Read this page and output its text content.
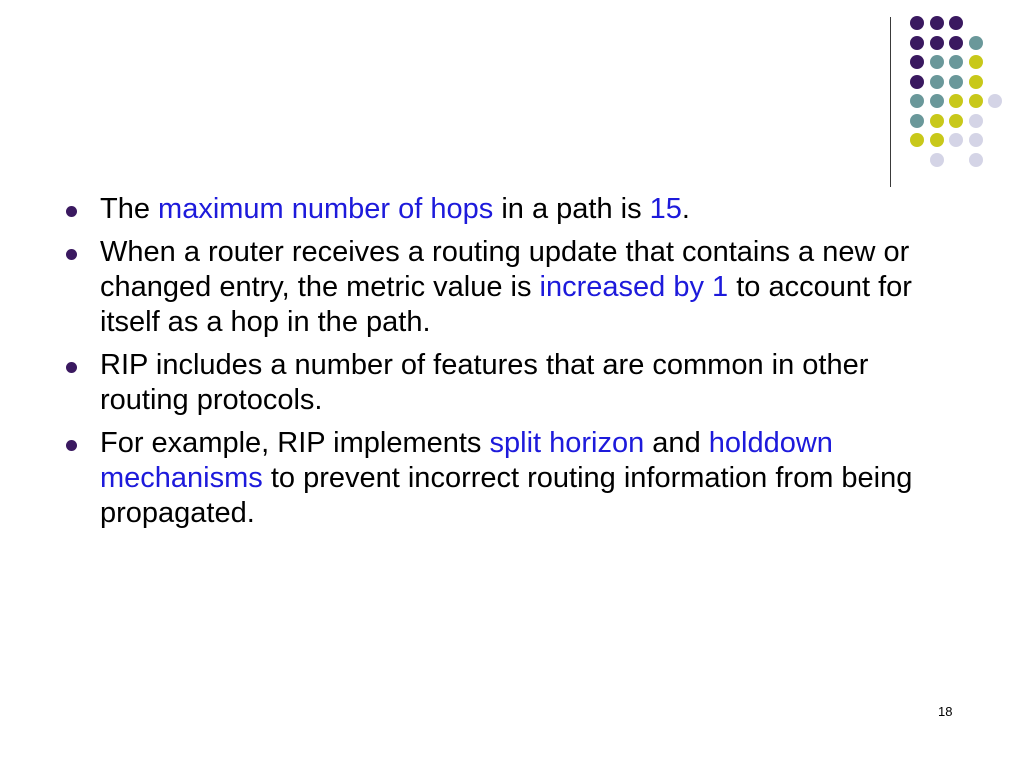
The maximum number of hops in a path is 15.
When a router receives a routing update that contains a new or changed entry, the metric value is increased by 1 to account for itself as a hop in the path.
RIP includes a number of features that are common in other routing protocols.
For example, RIP implements split horizon and holddown mechanisms to prevent incorrect routing information from being propagated.
18
